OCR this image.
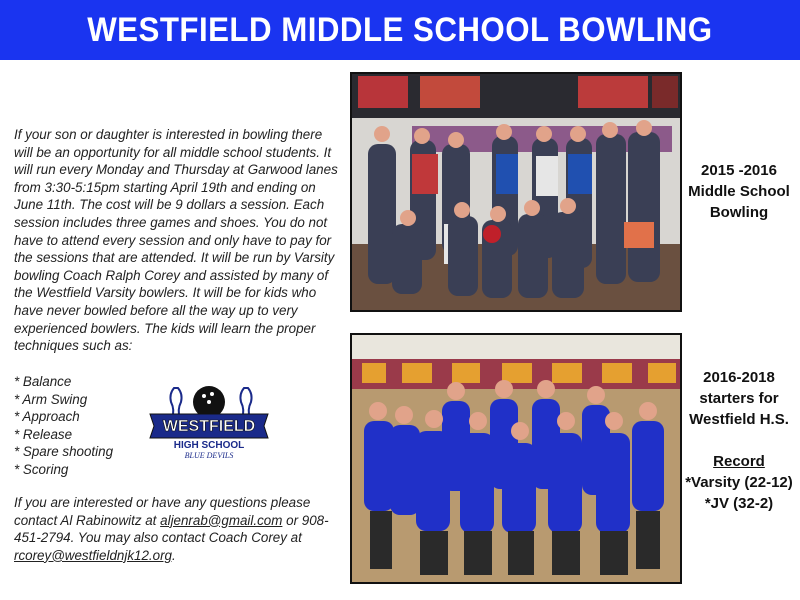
WESTFIELD MIDDLE SCHOOL BOWLING
If your son or daughter is interested in bowling there will be an opportunity for all middle school students. It will run every Monday and Thursday at Garwood lanes from 3:30-5:15pm starting April 19th and ending on June 11th. The cost will be 9 dollars a session. Each session includes three games and shoes. You do not have to attend every session and only have to pay for the sessions that are attended. It will be run by Varsity bowling Coach Ralph Corey and assisted by many of the Westfield Varsity bowlers. It will be for kids who have never bowled before all the way up to very experienced bowlers. The kids will learn the proper techniques such as:
* Balance
* Arm Swing
* Approach
* Release
* Spare shooting
* Scoring
If you are interested or have any questions please contact Al Rabinowitz at aljenrab@gmail.com or 908-451-2794. You may also contact Coach Corey at rcorey@westfieldnjk12.org.
WESTFIELD
HIGH SCHOOL
BLUE DEVILS
2015 -2016
Middle School
Bowling
2016-2018
starters for
Westfield H.S.
Record
*Varsity (22-12)
*JV (32-2)
